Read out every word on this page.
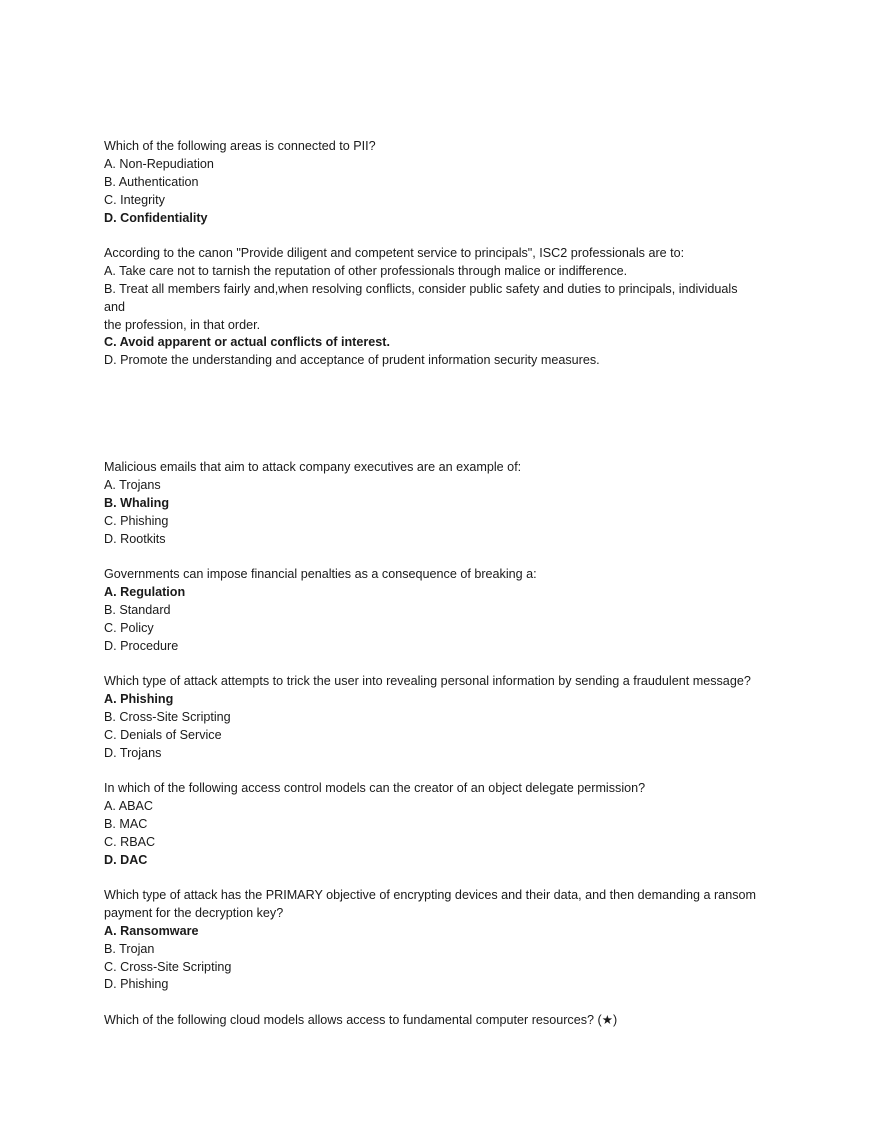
Which of the following areas is connected to PII?
A. Non-Repudiation
B. Authentication
C. Integrity
D. Confidentiality
According to the canon "Provide diligent and competent service to principals", ISC2 professionals are to:
A. Take care not to tarnish the reputation of other professionals through malice or indifference.
B. Treat all members fairly and,when resolving conflicts, consider public safety and duties to principals, individuals
and
the profession, in that order.
C. Avoid apparent or actual conflicts of interest.
D. Promote the understanding and acceptance of prudent information security measures.
Malicious emails that aim to attack company executives are an example of:
A. Trojans
B. Whaling
C. Phishing
D. Rootkits
Governments can impose financial penalties as a consequence of breaking a:
A. Regulation
B. Standard
C. Policy
D. Procedure
Which type of attack attempts to trick the user into revealing personal information by sending a fraudulent message?
A. Phishing
B. Cross-Site Scripting
C. Denials of Service
D. Trojans
In which of the following access control models can the creator of an object delegate permission?
A. ABAC
B. MAC
C. RBAC
D. DAC
Which type of attack has the PRIMARY objective of encrypting devices and their data, and then demanding a ransom
payment for the decryption key?
A. Ransomware
B. Trojan
C. Cross-Site Scripting
D. Phishing
Which of the following cloud models allows access to fundamental computer resources? (★)
